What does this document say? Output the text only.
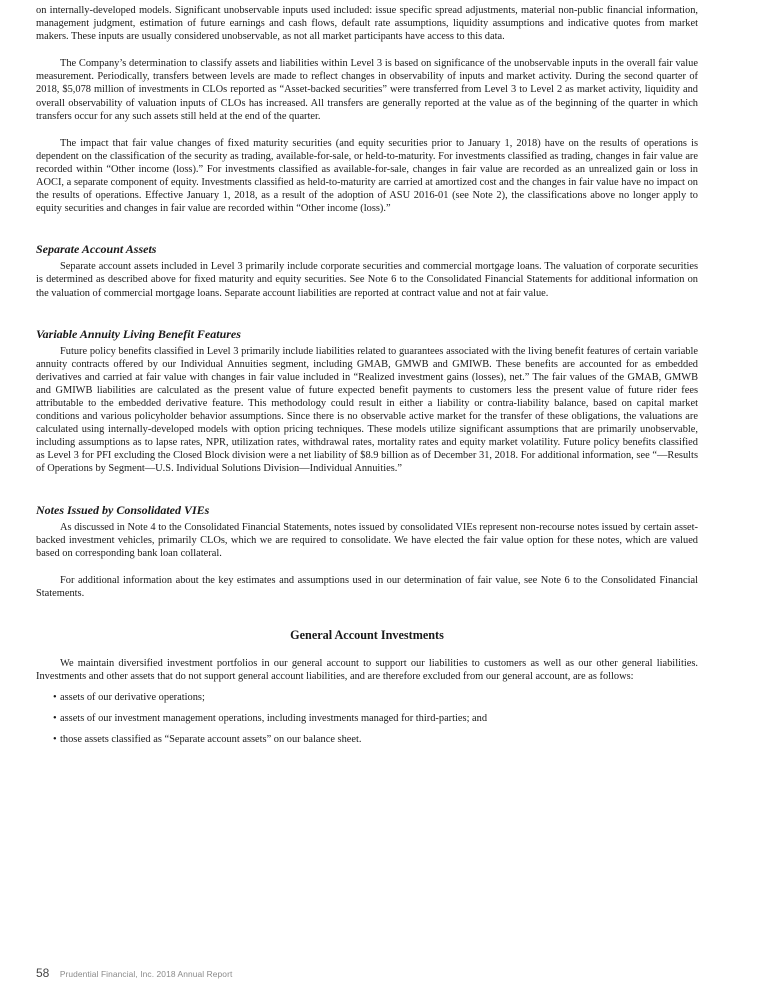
on internally-developed models. Significant unobservable inputs used included: issue specific spread adjustments, material non-public financial information, management judgment, estimation of future earnings and cash flows, default rate assumptions, liquidity assumptions and indicative quotes from market makers. These inputs are usually considered unobservable, as not all market participants have access to this data.

The Company’s determination to classify assets and liabilities within Level 3 is based on significance of the unobservable inputs in the overall fair value measurement. Periodically, transfers between levels are made to reflect changes in observability of inputs and market activity. During the second quarter of 2018, $5,078 million of investments in CLOs reported as “Asset-backed securities” were transferred from Level 3 to Level 2 as market activity, liquidity and overall observability of valuation inputs of CLOs has increased. All transfers are generally reported at the value as of the beginning of the quarter in which transfers occur for any such assets still held at the end of the quarter.

The impact that fair value changes of fixed maturity securities (and equity securities prior to January 1, 2018) have on the results of operations is dependent on the classification of the security as trading, available-for-sale, or held-to-maturity. For investments classified as trading, changes in fair value are recorded within “Other income (loss).” For investments classified as available-for-sale, changes in fair value are recorded as an unrealized gain or loss in AOCI, a separate component of equity. Investments classified as held-to-maturity are carried at amortized cost and the changes in fair value have no impact on the results of operations. Effective January 1, 2018, as a result of the adoption of ASU 2016-01 (see Note 2), the classifications above no longer apply to equity securities and changes in fair value are recorded within “Other income (loss).”

Separate Account Assets

Separate account assets included in Level 3 primarily include corporate securities and commercial mortgage loans. The valuation of corporate securities is determined as described above for fixed maturity and equity securities. See Note 6 to the Consolidated Financial Statements for additional information on the valuation of commercial mortgage loans. Separate account liabilities are reported at contract value and not at fair value.

Variable Annuity Living Benefit Features

Future policy benefits classified in Level 3 primarily include liabilities related to guarantees associated with the living benefit features of certain variable annuity contracts offered by our Individual Annuities segment, including GMAB, GMWB and GMIWB. These benefits are accounted for as embedded derivatives and carried at fair value with changes in fair value included in “Realized investment gains (losses), net.” The fair values of the GMAB, GMWB and GMIWB liabilities are calculated as the present value of future expected benefit payments to customers less the present value of future rider fees attributable to the embedded derivative feature. This methodology could result in either a liability or contra-liability balance, based on capital market conditions and various policyholder behavior assumptions. Since there is no observable active market for the transfer of these obligations, the valuations are calculated using internally-developed models with option pricing techniques. These models utilize significant assumptions that are primarily unobservable, including assumptions as to lapse rates, NPR, utilization rates, withdrawal rates, mortality rates and equity market volatility. Future policy benefits classified as Level 3 for PFI excluding the Closed Block division were a net liability of $8.9 billion as of December 31, 2018. For additional information, see “—Results of Operations by Segment—U.S. Individual Solutions Division—Individual Annuities.”

Notes Issued by Consolidated VIEs

As discussed in Note 4 to the Consolidated Financial Statements, notes issued by consolidated VIEs represent non-recourse notes issued by certain asset-backed investment vehicles, primarily CLOs, which we are required to consolidate. We have elected the fair value option for these notes, which are valued based on corresponding bank loan collateral.

For additional information about the key estimates and assumptions used in our determination of fair value, see Note 6 to the Consolidated Financial Statements.

General Account Investments

We maintain diversified investment portfolios in our general account to support our liabilities to customers as well as our other general liabilities. Investments and other assets that do not support general account liabilities, and are therefore excluded from our general account, are as follows:

• assets of our derivative operations;
• assets of our investment management operations, including investments managed for third-parties; and
• those assets classified as “Separate account assets” on our balance sheet.
58 Prudential Financial, Inc. 2018 Annual Report
